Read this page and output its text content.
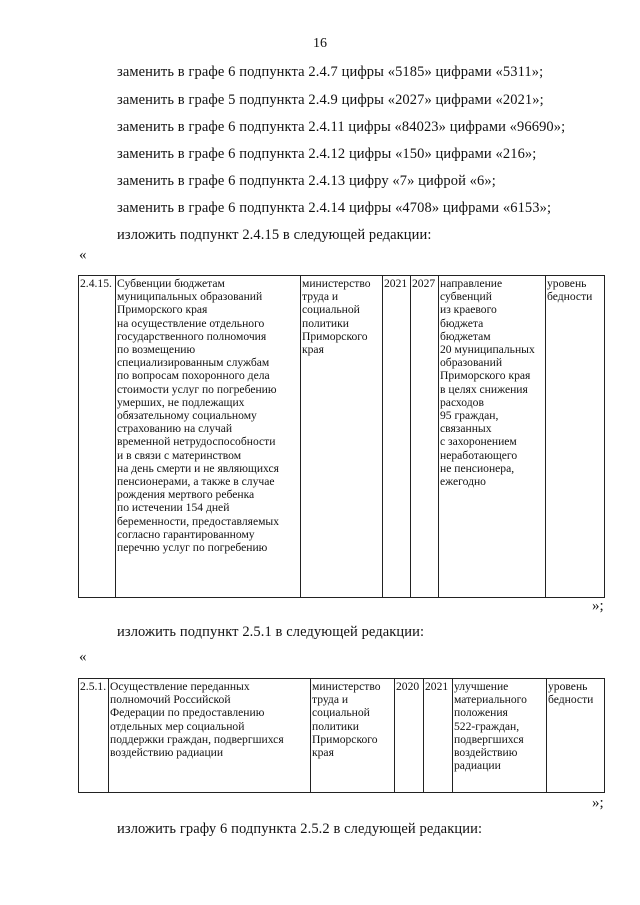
16
заменить в графе 6 подпункта 2.4.7 цифры «5185» цифрами «5311»;
заменить в графе 5 подпункта 2.4.9 цифры «2027» цифрами «2021»;
заменить в графе 6 подпункта 2.4.11 цифры «84023» цифрами «96690»;
заменить в графе 6 подпункта 2.4.12 цифры «150» цифрами «216»;
заменить в графе 6 подпункта 2.4.13 цифру «7» цифрой «6»;
заменить в графе 6 подпункта 2.4.14 цифры «4708» цифрами «6153»;
изложить подпункт 2.4.15 в следующей редакции:
«
2.4.15.	Субвенции бюджетам
муниципальных образований
Приморского края
на осуществление отдельного
государственного полномочия
по возмещению
специализированным службам
по вопросам похоронного дела
стоимости услуг по погребению
умерших, не подлежащих
обязательному социальному
страхованию на случай
временной нетрудоспособности
и в связи с материнством
на день смерти и не являющихся
пенсионерами, а также в случае
рождения мертвого ребенка
по истечении 154 дней
беременности, предоставляемых
согласно гарантированному
перечню услуг по погребению

министерство
труда и
социальной
политики
Приморского
края

2021	2027	направление
субвенций
из краевого
бюджета
бюджетам
20 муниципальных
образований
Приморского края
в целях снижения
расходов
95 граждан,
связанных
с захоронением
неработающего
не пенсионера,
ежегодно

уровень
бедности
»;
изложить подпункт 2.5.1 в следующей редакции:
«
2.5.1.	Осуществление переданных
полномочий Российской
Федерации по предоставлению
отдельных мер социальной
поддержки граждан, подвергшихся
воздействию радиации

министерство
труда и
социальной
политики
Приморского
края

2020	2021	улучшение
материального
положения
522-граждан,
подвергшихся
воздействию
радиации

уровень
бедности
»;
изложить графу 6 подпункта 2.5.2 в следующей редакции:
